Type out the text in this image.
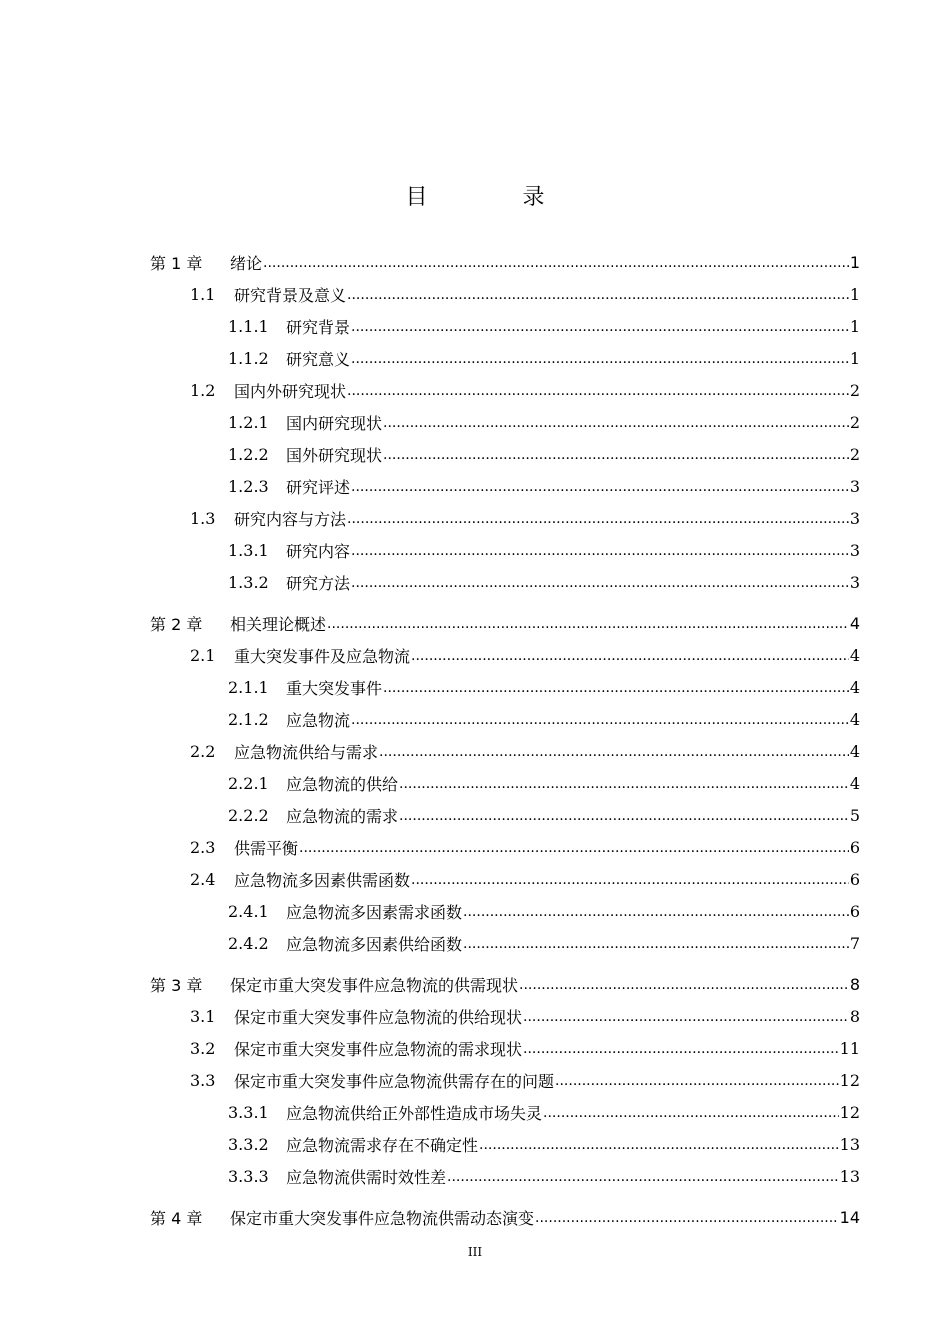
目 录
第 1 章	绪论 .....	1
1.1	研究背景及意义 .....	1
1.1.1	研究背景 .....	1
1.1.2	研究意义 .....	1
1.2	国内外研究现状 .....	2
1.2.1	国内研究现状 .....	2
1.2.2	国外研究现状 .....	2
1.2.3	研究评述 .....	3
1.3	研究内容与方法 .....	3
1.3.1	研究内容 .....	3
1.3.2	研究方法 .....	3
第 2 章	相关理论概述 .....	4
2.1	重大突发事件及应急物流 .....	4
2.1.1	重大突发事件 .....	4
2.1.2	应急物流 .....	4
2.2	应急物流供给与需求 .....	4
2.2.1	应急物流的供给 .....	4
2.2.2	应急物流的需求 .....	5
2.3	供需平衡 .....	6
2.4	应急物流多因素供需函数 .....	6
2.4.1	应急物流多因素需求函数 .....	6
2.4.2	应急物流多因素供给函数 .....	7
第 3 章	保定市重大突发事件应急物流的供需现状 .....	8
3.1	保定市重大突发事件应急物流的供给现状 .....	8
3.2	保定市重大突发事件应急物流的需求现状 .....	11
3.3	保定市重大突发事件应急物流供需存在的问题 .....	12
3.3.1	应急物流供给正外部性造成市场失灵 .....	12
3.3.2	应急物流需求存在不确定性 .....	13
3.3.3	应急物流供需时效性差 .....	13
第 4 章	保定市重大突发事件应急物流供需动态演变 .....	14
III
